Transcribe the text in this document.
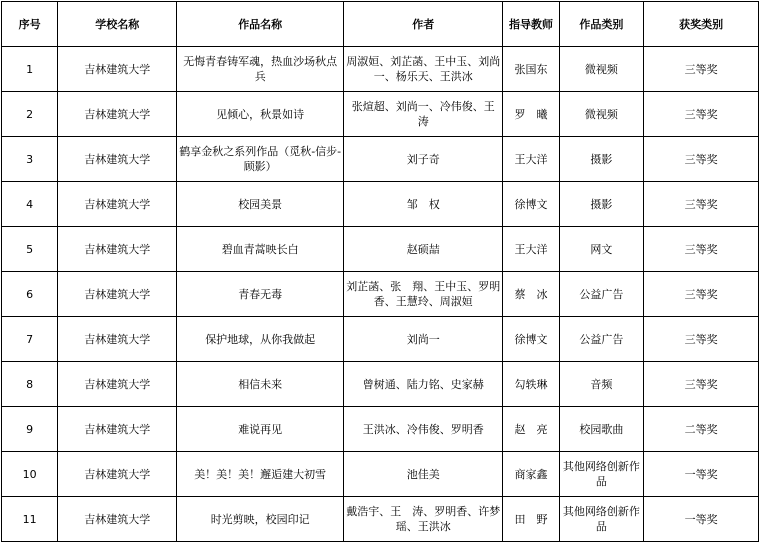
序号	学校名称	作品名称	作者	指导教师	作品类别	获奖类别
1	吉林建筑大学	无悔青春铸军魂，热血沙场秋点兵	周淑姮、刘芷菡、王中玉、刘尚一、杨乐天、王洪冰	张国东	微视频	三等奖
2	吉林建筑大学	见倾心，秋景如诗	张煊超、刘尚一、冷伟俊、王　涛	罗　曦	微视频	三等奖
3	吉林建筑大学	鹤享金秋之系列作品（觅秋-信步-顾影）	刘子奇	王大洋	摄影	三等奖
4	吉林建筑大学	校园美景	邹　权	徐博文	摄影	三等奖
5	吉林建筑大学	碧血青蒿映长白	赵硕喆	王大洋	网文	三等奖
6	吉林建筑大学	青春无毒	刘芷菡、张　翔、王中玉、罗明香、王慧玲、周淑姮	蔡　冰	公益广告	三等奖
7	吉林建筑大学	保护地球，从你我做起	刘尚一	徐博文	公益广告	三等奖
8	吉林建筑大学	相信未来	曾树通、陆力铭、史家赫	勾轶琳	音频	三等奖
9	吉林建筑大学	难说再见	王洪冰、冷伟俊、罗明香	赵　亮	校园歌曲	二等奖
10	吉林建筑大学	美！美！美！邂逅建大初雪	池佳美	商家鑫	其他网络创新作品	一等奖
11	吉林建筑大学	时光剪映，校园印记	戴浩宇、王　涛、罗明香、许梦瑶、王洪冰	田　野	其他网络创新作品	一等奖
